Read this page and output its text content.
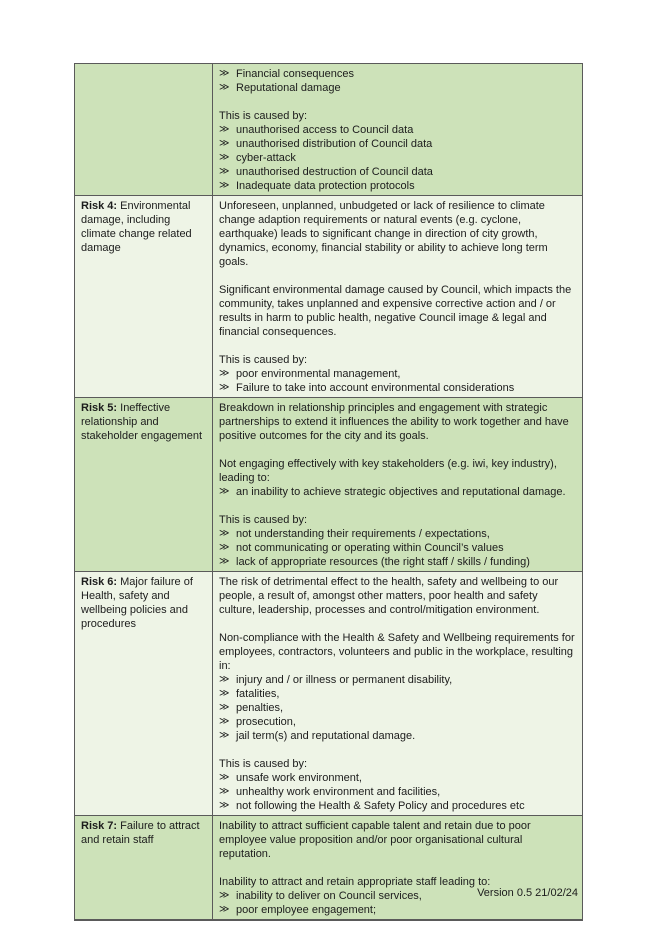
≫ Financial consequences
≫ Reputational damage
This is caused by:
≫ unauthorised access to Council data
≫ unauthorised distribution of Council data
≫ cyber-attack
≫ unauthorised destruction of Council data
≫ Inadequate data protection protocols
Risk 4: Environmental damage, including climate change related damage
Unforeseen, unplanned, unbudgeted or lack of resilience to climate change adaption requirements or natural events (e.g. cyclone, earthquake) leads to significant change in direction of city growth, dynamics, economy, financial stability or ability to achieve long term goals.
Significant environmental damage caused by Council, which impacts the community, takes unplanned and expensive corrective action and / or results in harm to public health, negative Council image & legal and financial consequences.
This is caused by:
≫ poor environmental management,
≫ Failure to take into account environmental considerations
Risk 5: Ineffective relationship and stakeholder engagement
Breakdown in relationship principles and engagement with strategic partnerships to extend it influences the ability to work together and have positive outcomes for the city and its goals.
Not engaging effectively with key stakeholders (e.g. iwi, key industry), leading to:
≫ an inability to achieve strategic objectives and reputational damage.
This is caused by:
≫ not understanding their requirements / expectations,
≫ not communicating or operating within Council’s values
≫ lack of appropriate resources (the right staff / skills / funding)
Risk 6: Major failure of Health, safety and wellbeing policies and procedures
The risk of detrimental effect to the health, safety and wellbeing to our people, a result of, amongst other matters, poor health and safety culture, leadership, processes and control/mitigation environment.
Non-compliance with the Health & Safety and Wellbeing requirements for employees, contractors, volunteers and public in the workplace, resulting in:
≫ injury and / or illness or permanent disability,
≫ fatalities,
≫ penalties,
≫ prosecution,
≫ jail term(s) and reputational damage.
This is caused by:
≫ unsafe work environment,
≫ unhealthy work environment and facilities,
≫ not following the Health & Safety Policy and procedures etc
Risk 7: Failure to attract and retain staff
Inability to attract sufficient capable talent and retain due to poor employee value proposition and/or poor organisational cultural reputation.
Inability to attract and retain appropriate staff leading to:
≫ inability to deliver on Council services,
≫ poor employee engagement;
Version 0.5 21/02/24
